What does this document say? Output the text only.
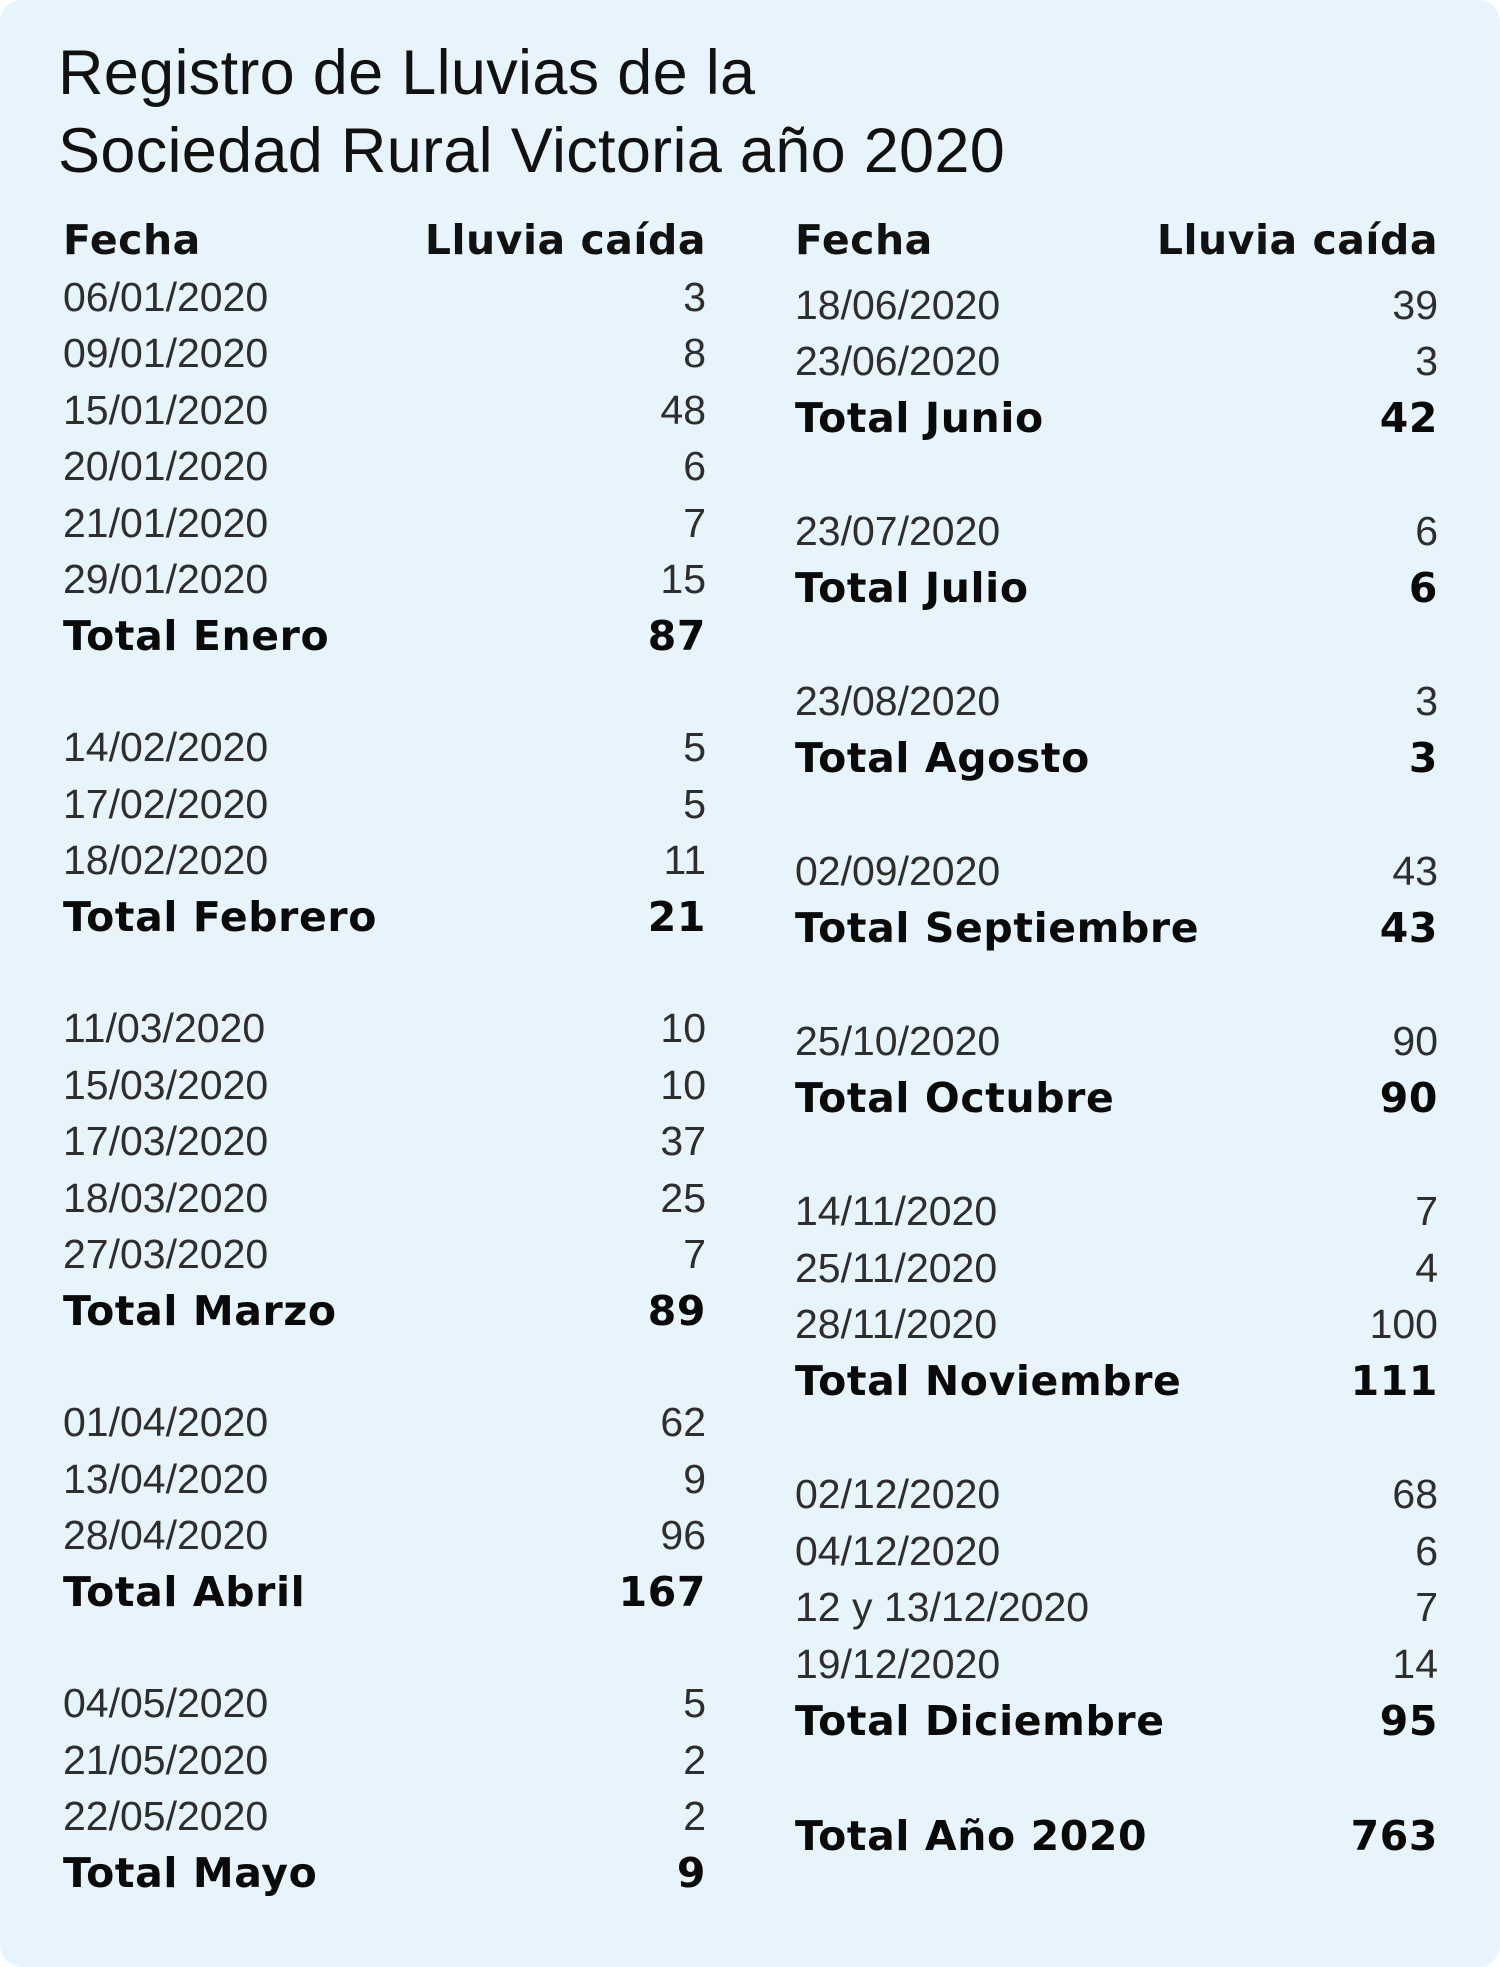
Registro de Lluvias de la
Sociedad Rural Victoria año 2020
Fecha	Lluvia caída
06/01/2020	3
09/01/2020	8
15/01/2020	48
20/01/2020	6
21/01/2020	7
29/01/2020	15
Total Enero	87
14/02/2020	5
17/02/2020	5
18/02/2020	11
Total Febrero	21
11/03/2020	10
15/03/2020	10
17/03/2020	37
18/03/2020	25
27/03/2020	7
Total Marzo	89
01/04/2020	62
13/04/2020	9
28/04/2020	96
Total Abril	167
04/05/2020	5
21/05/2020	2
22/05/2020	2
Total Mayo	9
Fecha	Lluvia caída
18/06/2020	39
23/06/2020	3
Total Junio	42
23/07/2020	6
Total Julio	6
23/08/2020	3
Total Agosto	3
02/09/2020	43
Total Septiembre	43
25/10/2020	90
Total Octubre	90
14/11/2020	7
25/11/2020	4
28/11/2020	100
Total Noviembre	111
02/12/2020	68
04/12/2020	6
12 y 13/12/2020	7
19/12/2020	14
Total Diciembre	95
Total Año 2020	763
